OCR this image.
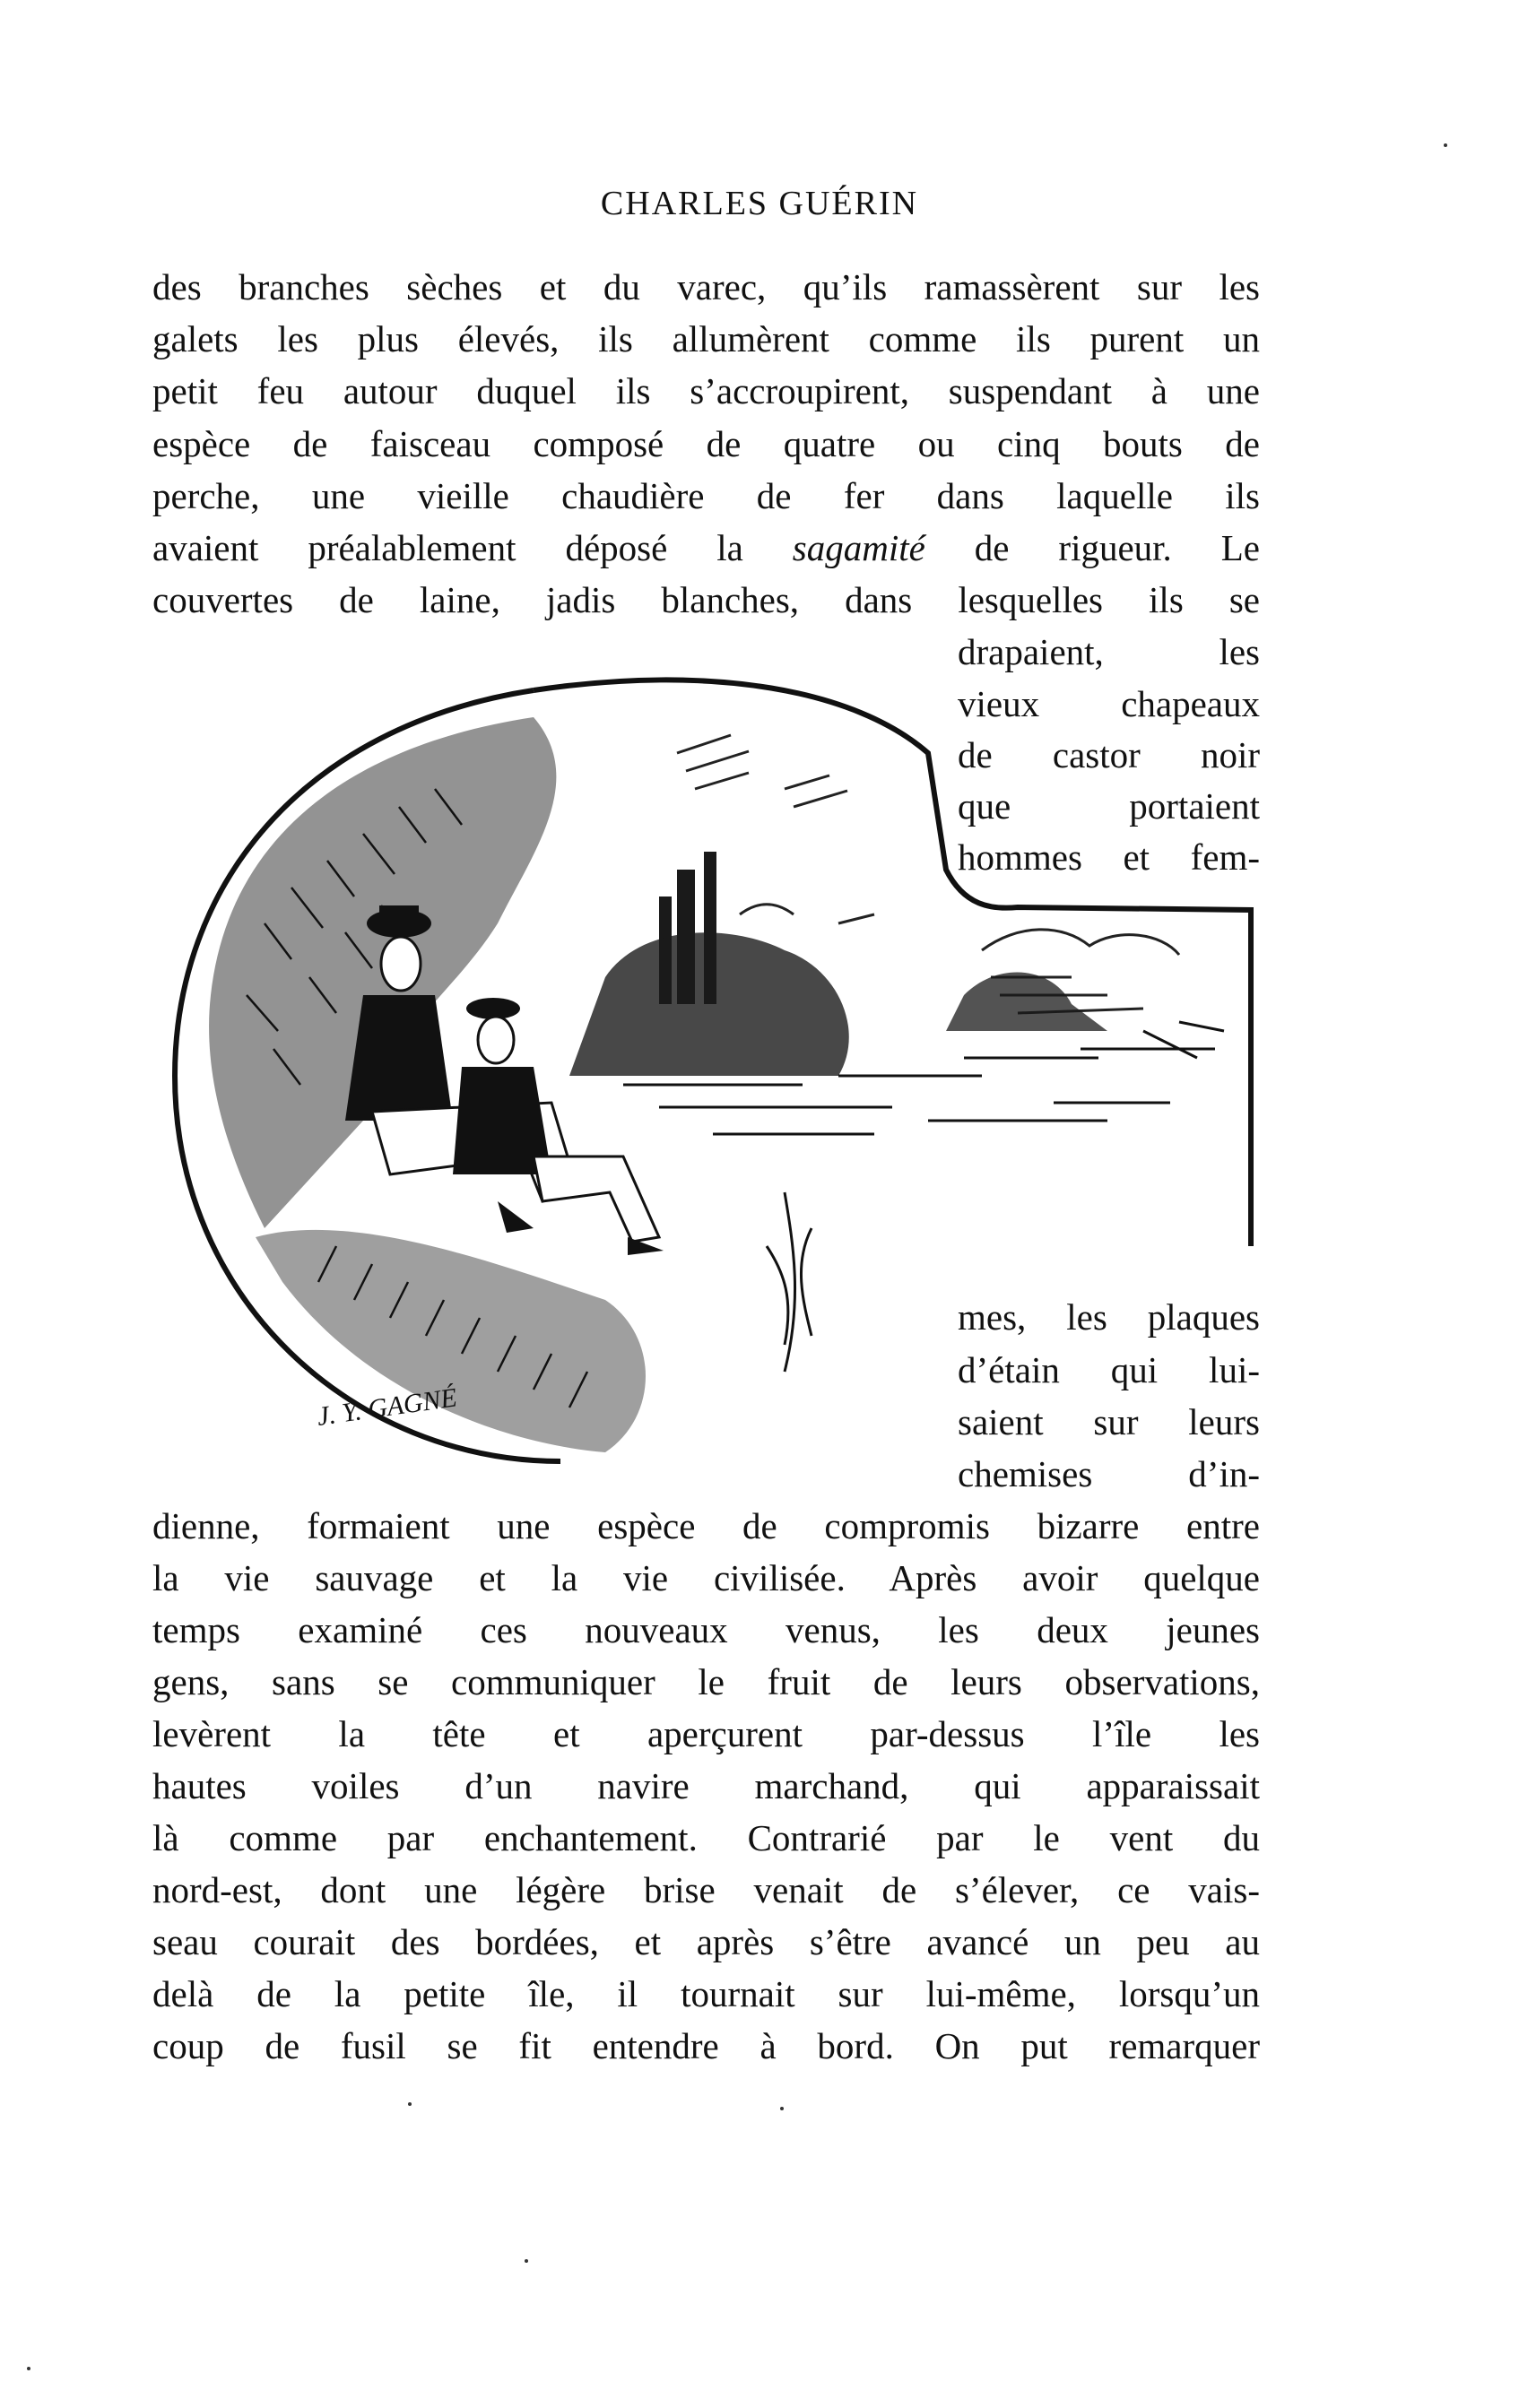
CHARLES GUÉRIN
des branches sèches et du varec, qu’ils ramassèrent sur les
galets les plus élevés, ils allumèrent comme ils purent un
petit feu autour duquel ils s’accroupirent, suspendant à une
espèce de faisceau composé de quatre ou cinq bouts de
perche, une vieille chaudière de fer dans laquelle ils
avaient préalablement déposé la sagamité de rigueur. Le
couvertes de laine, jadis blanches, dans lesquelles ils se
drapaient, les
vieux chapeaux
de castor noir
que portaient
hommes et fem-
J. Y. GAGNÉ
mes, les plaques
d’étain qui lui-
saient sur leurs
chemises d’in-
dienne, formaient une espèce de compromis bizarre entre
la vie sauvage et la vie civilisée. Après avoir quelque
temps examiné ces nouveaux venus, les deux jeunes
gens, sans se communiquer le fruit de leurs observations,
levèrent la tête et aperçurent par-dessus l’île les
hautes voiles d’un navire marchand, qui apparaissait
là comme par enchantement. Contrarié par le vent du
nord-est, dont une légère brise venait de s’élever, ce vais-
seau courait des bordées, et après s’être avancé un peu au
delà de la petite île, il tournait sur lui-même, lorsqu’un
coup de fusil se fit entendre à bord. On put remarquer
